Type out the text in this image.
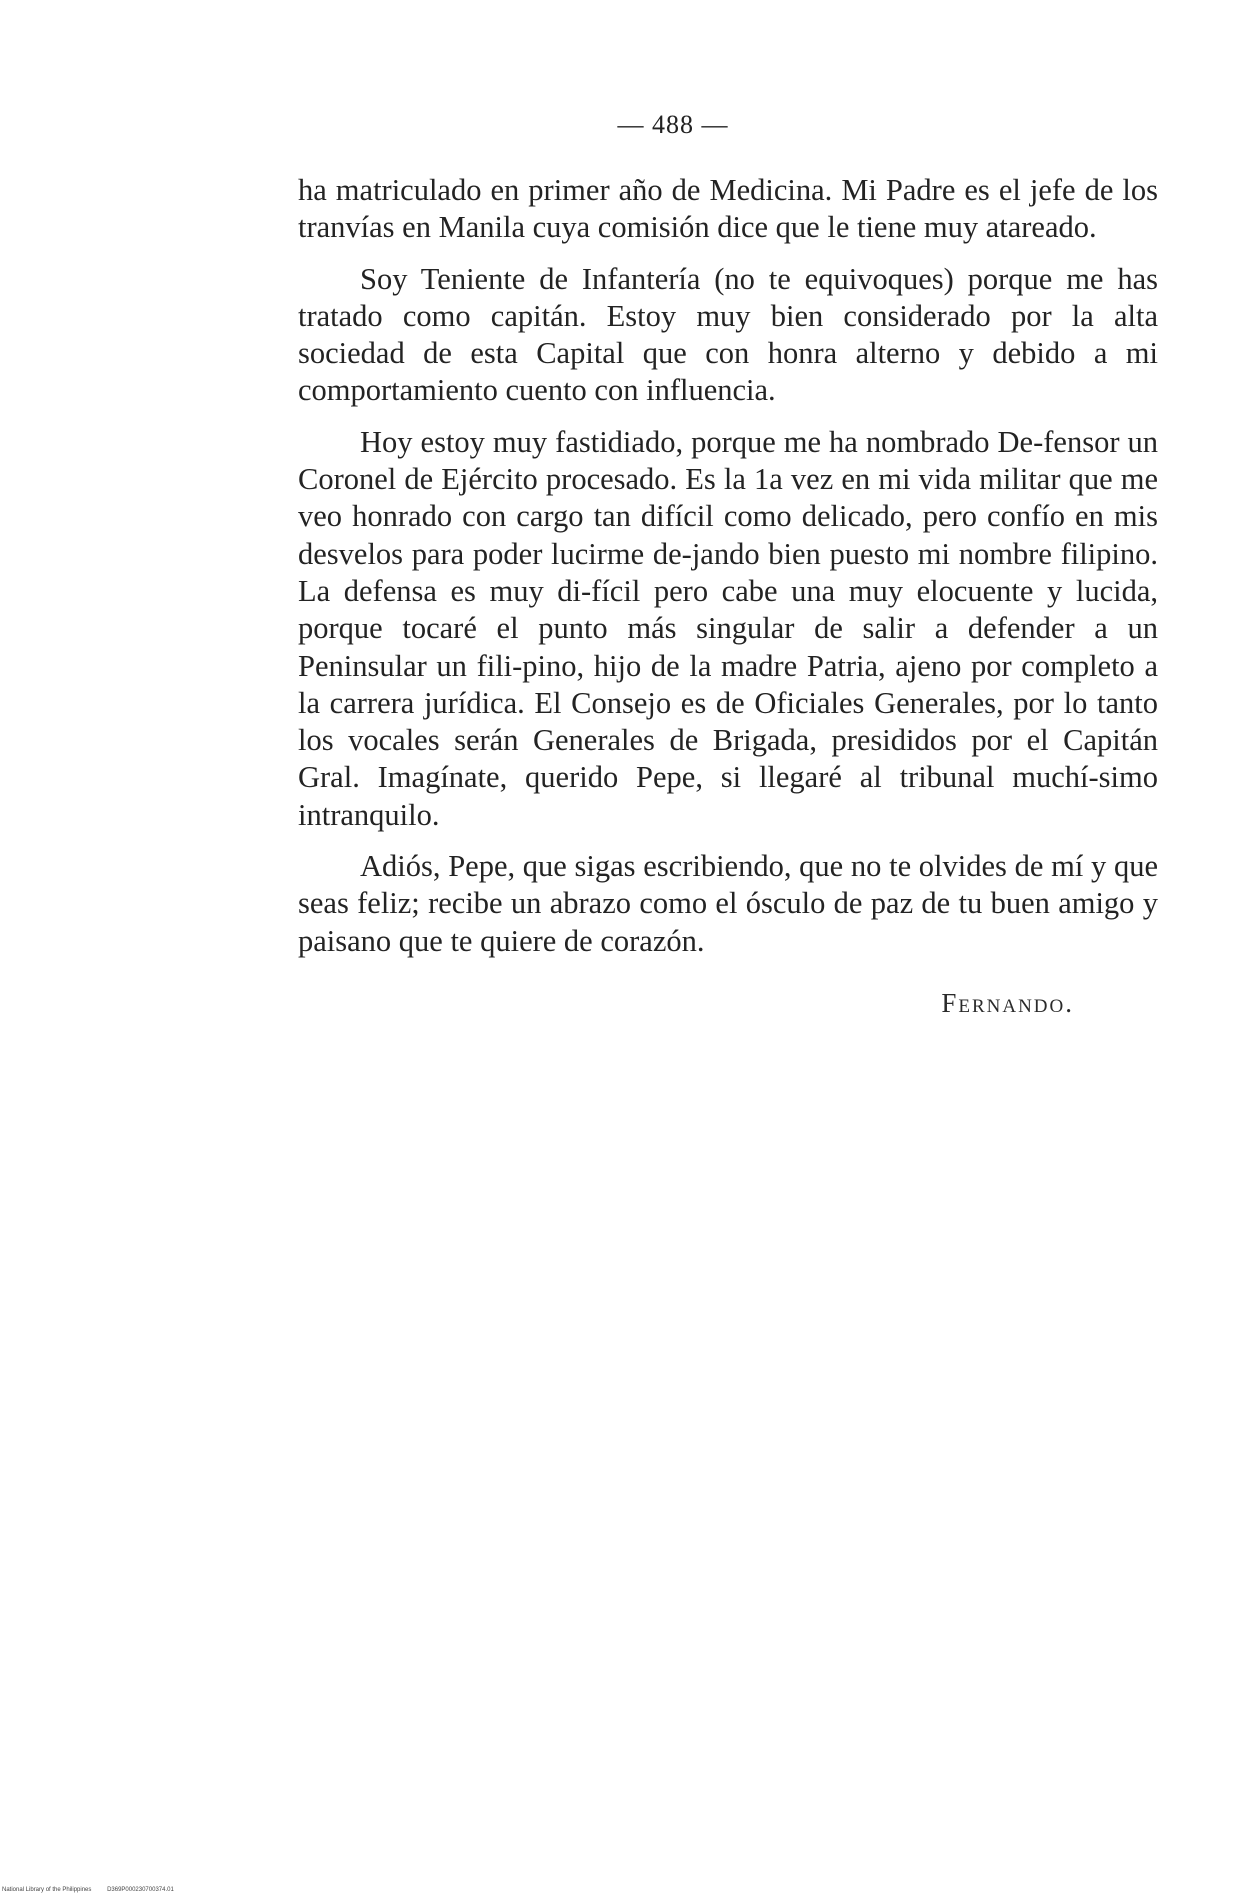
— 488 —

ha matriculado en primer año de Medicina. Mi Padre es el jefe de los tranvías en Manila cuya comisión dice que le tiene muy atareado.

Soy Teniente de Infantería (no te equivoques) porque me has tratado como capitán. Estoy muy bien considerado por la alta sociedad de esta Capital que con honra alterno y debido a mi comportamiento cuento con influencia.

Hoy estoy muy fastidiado, porque me ha nombrado De-fensor un Coronel de Ejército procesado. Es la 1a vez en mi vida militar que me veo honrado con cargo tan difícil como delicado, pero confío en mis desvelos para poder lucirme de-jando bien puesto mi nombre filipino. La defensa es muy di-fícil pero cabe una muy elocuente y lucida, porque tocaré el punto más singular de salir a defender a un Peninsular un fili-pino, hijo de la madre Patria, ajeno por completo a la carrera jurídica. El Consejo es de Oficiales Generales, por lo tanto los vocales serán Generales de Brigada, presididos por el Capitán Gral. Imagínate, querido Pepe, si llegaré al tribunal muchí-simo intranquilo.

Adiós, Pepe, que sigas escribiendo, que no te olvides de mí y que seas feliz; recibe un abrazo como el ósculo de paz de tu buen amigo y paisano que te quiere de corazón.

Fernando.
National Library of the Philippines	D369P000230700374.01
